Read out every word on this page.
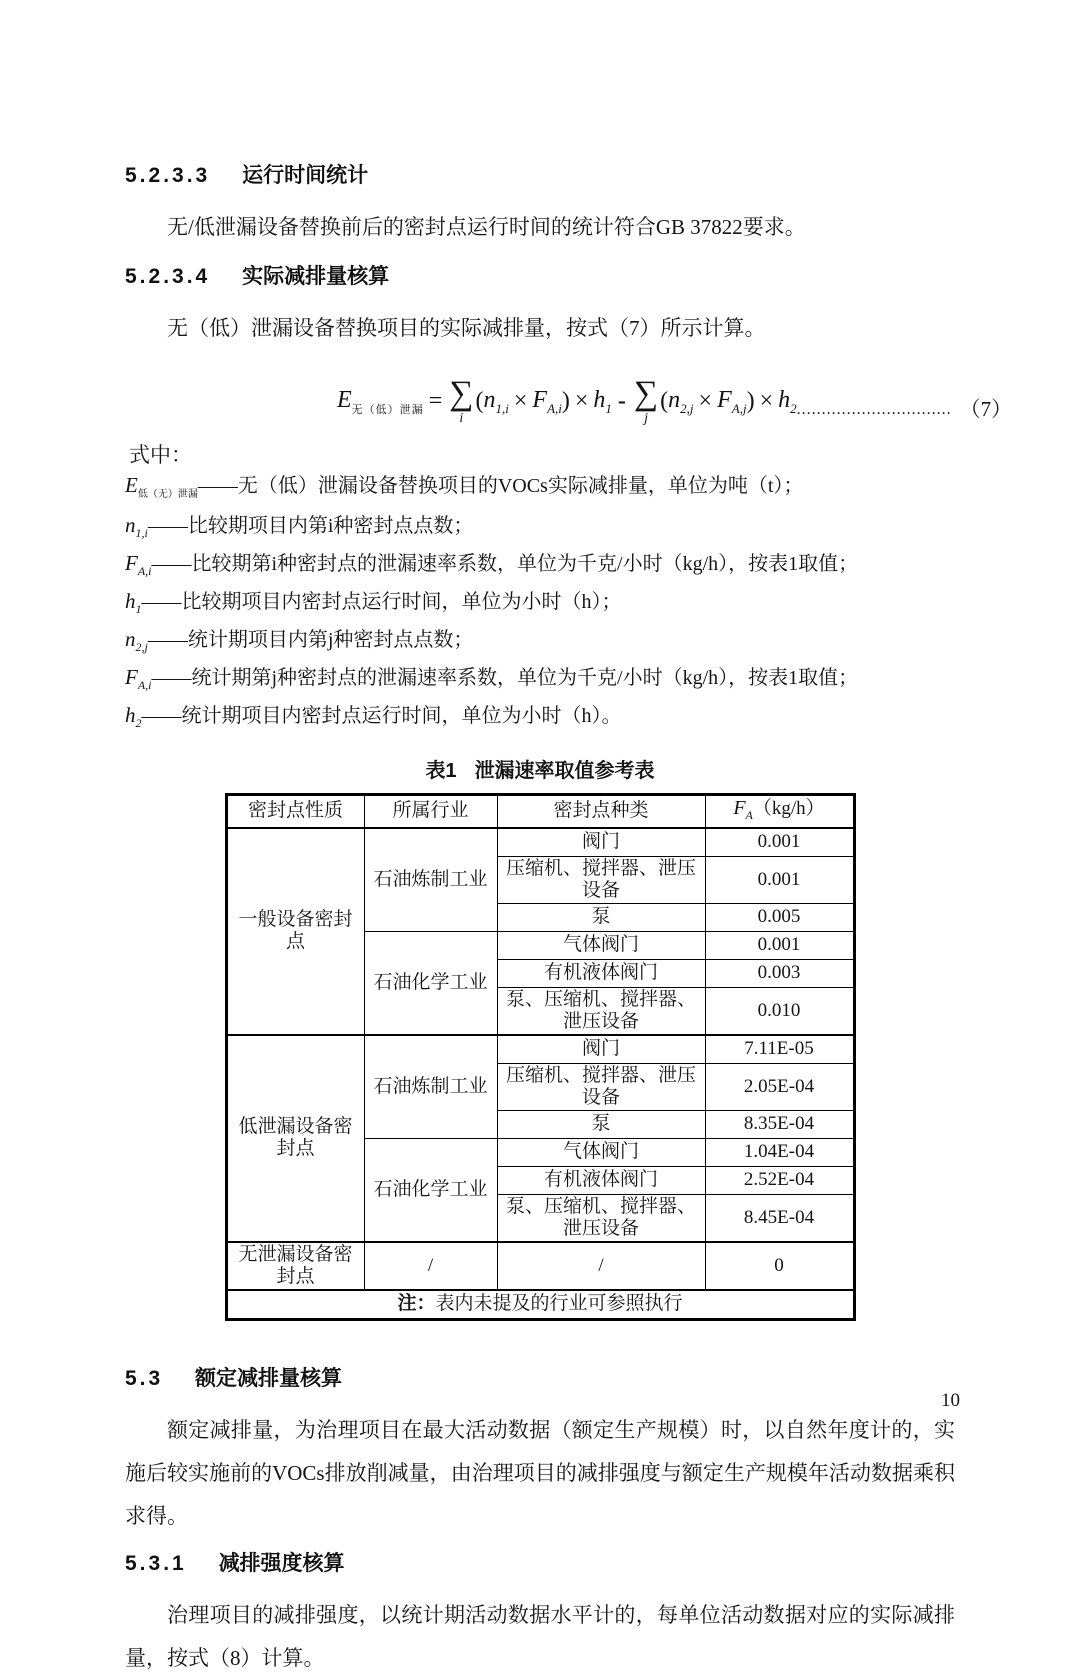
5.2.3.3 运行时间统计

无/低泄漏设备替换前后的密封点运行时间的统计符合GB 37822要求。

5.2.3.4 实际减排量核算

无（低）泄漏设备替换项目的实际减排量，按式（7）所示计算。

$E_{无(低)泄漏}$ = ∑
i
( $n_{1,i} \times F_{A,i}$ ) × $h_1$ - ∑
j
( $n_{2,j} \times F_{A,j}$ ) × $h_2$ ............................... （7）
式中：
$E_{低(无)泄漏}——$无（低）泄漏设备替换项目的VOCs实际减排量，单位为吨（t）；
$n_{1,i}——$比较期项目内第i种密封点点数；
$F_{A,i}——$比较期第i种密封点的泄漏速率系数，单位为千克/小时（kg/h），按表1取值；
$h_1——$比较期项目内密封点运行时间，单位为小时（h）；
$n_{2,j}——$统计期项目内第j种密封点点数；
$F_{A,i}——$统计期第j种密封点的泄漏速率系数，单位为千克/小时（kg/h），按表1取值；
$h_2——$统计期项目内密封点运行时间，单位为小时（h）。
表1 泄漏速率取值参考表
密封点性质	所属行业	密封点种类	$F_A(kg/h)$
一般设备密封点	石油炼制工业	阀门	0.001
		压缩机、搅拌器、泄压设备	0.001
		泵	0.005
	石油化学工业	气体阀门	0.001
		有机液体阀门	0.003
		泵、压缩机、搅拌器、泄压设备	0.010
低泄漏设备密封点	石油炼制工业	阀门	7.11E-05
		压缩机、搅拌器、泄压设备	2.05E-04
		泵	8.35E-04
	石油化学工业	气体阀门	1.04E-04
		有机液体阀门	2.52E-04
		泵、压缩机、搅拌器、泄压设备	8.45E-04
无泄漏设备密封点	/	/	0
注：表内未提及的行业可参照执行			
5.3 额定减排量核算

额定减排量，为治理项目在最大活动数据（额定生产规模）时，以自然年度计的，实施后较实施前的VOCs排放削减量，由治理项目的减排强度与额定生产规模年活动数据乘积求得。

5.3.1 减排强度核算

治理项目的减排强度，以统计期活动数据水平计的，每单位活动数据对应的实际减排量，按式（8）计算。

10
